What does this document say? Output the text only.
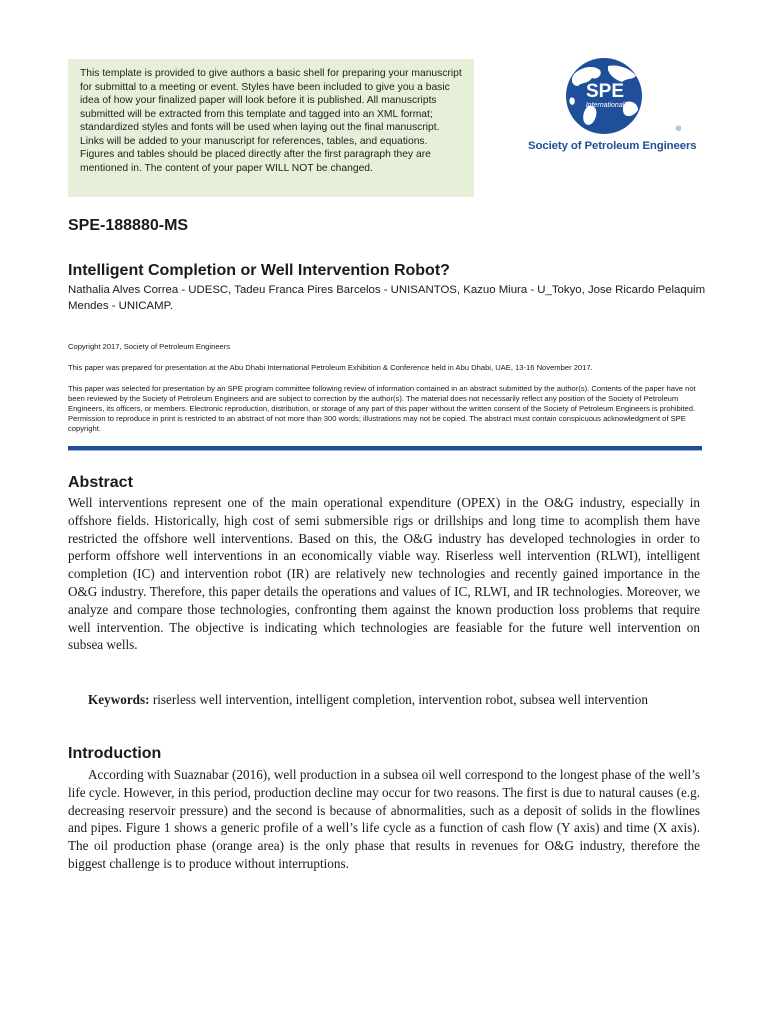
This template is provided to give authors a basic shell for preparing your manuscript for submittal to a meeting or event. Styles have been included to give you a basic idea of how your finalized paper will look before it is published. All manuscripts submitted will be extracted from this template and tagged into an XML format; standardized styles and fonts will be used when laying out the final manuscript. Links will be added to your manuscript for references, tables, and equations. Figures and tables should be placed directly after the first paragraph they are mentioned in. The content of your paper WILL NOT be changed.
SPE
International
®
Society of Petroleum Engineers
SPE-188880-MS
Intelligent Completion or Well Intervention Robot?
Nathalia Alves Correa - UDESC, Tadeu Franca Pires Barcelos - UNISANTOS, Kazuo Miura - U_Tokyo, Jose Ricardo Pelaquim Mendes - UNICAMP.
Copyright 2017, Society of Petroleum Engineers
This paper was prepared for presentation at the Abu Dhabi International Petroleum Exhibition & Conference held in Abu Dhabi, UAE, 13-16 November 2017.
This paper was selected for presentation by an SPE program committee following review of information contained in an abstract submitted by the author(s). Contents of the paper have not been reviewed by the Society of Petroleum Engineers and are subject to correction by the author(s). The material does not necessarily reflect any position of the Society of Petroleum Engineers, its officers, or members. Electronic reproduction, distribution, or storage of any part of this paper without the written consent of the Society of Petroleum Engineers is prohibited. Permission to reproduce in print is restricted to an abstract of not more than 300 words; illustrations may not be copied. The abstract must contain conspicuous acknowledgment of SPE copyright.
Abstract
Well interventions represent one of the main operational expenditure (OPEX) in the O&G industry, especially in offshore fields. Historically, high cost of semi submersible rigs or drillships and long time to acomplish them have restricted the offshore well interventions. Based on this, the O&G industry has developed technologies in order to perform offshore well interventions in an economically viable way. Riserless well intervention (RLWI), intelligent completion (IC) and intervention robot (IR) are relatively new technologies and recently gained importance in the O&G industry. Therefore, this paper details the operations and values of IC, RLWI, and IR technologies. Moreover, we analyze and compare those technologies, confronting them against the known production loss problems that require well intervention. The objective is indicating which technologies are feasiable for the future well intervention on subsea wells.
Keywords: riserless well intervention, intelligent completion, intervention robot, subsea well intervention
Introduction
According with Suaznabar (2016), well production in a subsea oil well correspond to the longest phase of the well’s life cycle. However, in this period, production decline may occur for two reasons. The first is due to natural causes (e.g. decreasing reservoir pressure) and the second is because of abnormalities, such as a deposit of solids in the flowlines and pipes. Figure 1 shows a generic profile of a well’s life cycle as a function of cash flow (Y axis) and time (X axis). The oil production phase (orange area) is the only phase that results in revenues for O&G industry, therefore the biggest challenge is to produce without interruptions.
